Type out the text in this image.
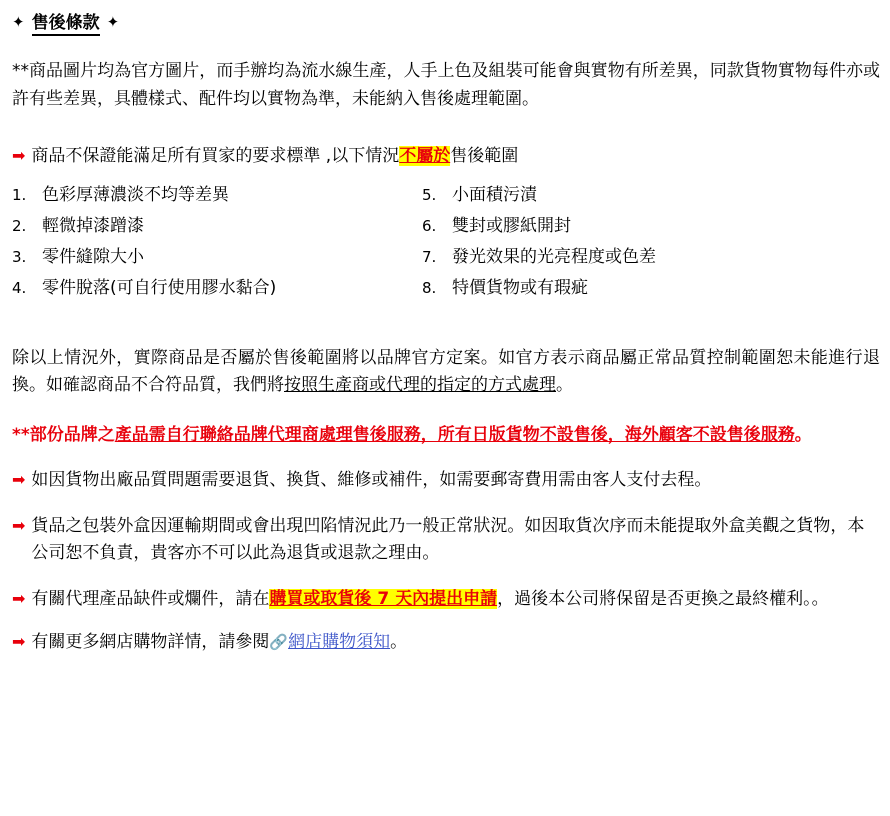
✦ 售後條款 ✦
**商品圖片均為官方圖片，而手辦均為流水線生產，人手上色及組裝可能會與實物有所差異，同款貨物實物每件亦或許有些差異，具體樣式、配件均以實物為準，未能納入售後處理範圍。
➡ 商品不保證能滿足所有買家的要求標準 ,以下情況不屬於售後範圍
1. 色彩厚薄濃淡不均等差異
2. 輕微掉漆蹭漆
3. 零件縫隙大小
4. 零件脫落(可自行使用膠水黏合)
5. 小面積污漬
6. 雙封或膠紙開封
7. 發光效果的光亮程度或色差
8. 特價貨物或有瑕疵
除以上情況外，實際商品是否屬於售後範圍將以品牌官方定案。如官方表示商品屬正常品質控制範圍恕未能進行退換。如確認商品不合符品質，我們將按照生產商或代理的指定的方式處理。
**部份品牌之產品需自行聯絡品牌代理商處理售後服務，所有日版貨物不設售後，海外顧客不設售後服務。
➡ 如因貨物出廠品質問題需要退貨、換貨、維修或補件，如需要郵寄費用需由客人支付去程。
➡ 貨品之包裝外盒因運輸期間或會出現凹陷情況此乃一般正常狀況。如因取貨次序而未能提取外盒美觀之貨物，本公司恕不負責，貴客亦不可以此為退貨或退款之理由。
➡ 有關代理產品缺件或爛件，請在購買或取貨後 7 天內提出申請，過後本公司將保留是否更換之最終權利。。
➡ 有關更多網店購物詳情，請參閱🔗網店購物須知。
